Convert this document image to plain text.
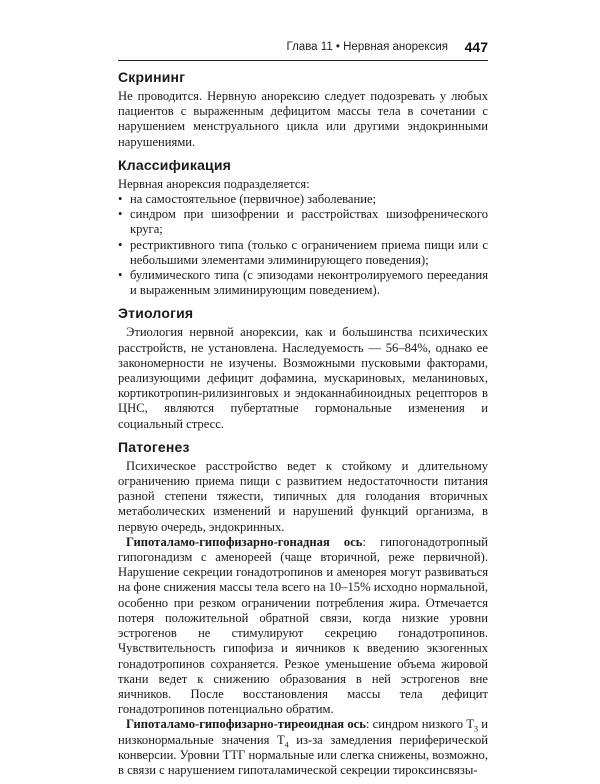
Глава 11 • Нервная анорексия 447
Скрининг

Не проводится. Нервную анорексию следует подозревать у любых пациентов с выраженным дефицитом массы тела в сочетании с нарушением менструального цикла или другими эндокринными нарушениями.

Классификация

Нервная анорексия подразделяется:

• на самостоятельное (первичное) заболевание;
• синдром при шизофрении и расстройствах шизофренического круга;
• рестриктивного типа (только с ограничением приема пищи или с небольшими элементами элиминирующего поведения);
• булимического типа (с эпизодами неконтролируемого переедания и выраженным элиминирующим поведением).
Этиология

Этиология нервной анорексии, как и большинства психических расстройств, не установлена. Наследуемость — 56–84%, однако ее закономерности не изучены. Возможными пусковыми факторами, реализующими дефицит дофамина, мускариновых, меланиновых, кортикотропин-рилизинговых и эндоканнабиноидных рецепторов в ЦНС, являются пубертатные гормональные изменения и социальный стресс.

Патогенез

Психическое расстройство ведет к стойкому и длительному ограничению приема пищи с развитием недостаточности питания разной степени тяжести, типичных для голодания вторичных метаболических изменений и нарушений функций организма, в первую очередь, эндокринных.

Гипоталамо-гипофизарно-гонадная ось: гипогонадотропный гипогонадизм с аменореей (чаще вторичной, реже первичной). Нарушение секреции гонадотропинов и аменорея могут развиваться на фоне снижения массы тела всего на 10–15% исходно нормальной, особенно при резком ограничении потребления жира. Отмечается потеря положительной обратной связи, когда низкие уровни эстрогенов не стимулируют секрецию гонадотропинов. Чувствительность гипофиза и яичников к введению экзогенных гонадотропинов сохраняется. Резкое уменьшение объема жировой ткани ведет к снижению образования в ней эстрогенов вне яичников. После восстановления массы тела дефицит гонадотропинов потенциально обратим.

Гипоталамо-гипофизарно-тиреоидная ось: синдром низкого $T_3$ и низконормальные значения $T_4$ из-за замедления периферической конверсии. Уровни ТТГ нормальные или слегка снижены, возможно, в связи с нарушением гипоталамической секреции тироксинсвязы-
